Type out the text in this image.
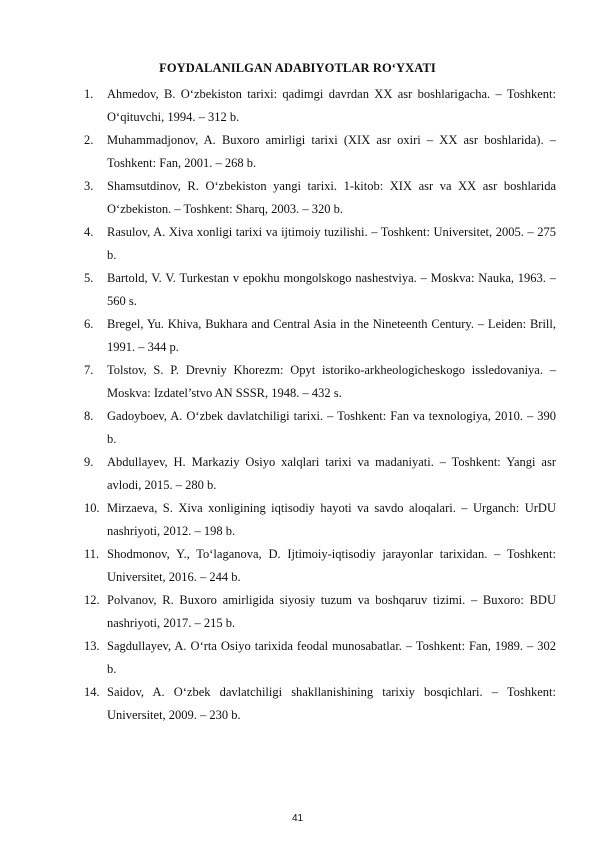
FOYDALANILGAN ADABIYOTLAR RO‘YXATI
1. Ahmedov, B. O‘zbekiston tarixi: qadimgi davrdan XX asr boshlarigacha. – Toshkent: O‘qituvchi, 1994. – 312 b.
2. Muhammadjonov, A. Buxoro amirligi tarixi (XIX asr oxiri – XX asr boshlarida). – Toshkent: Fan, 2001. – 268 b.
3. Shamsutdinov, R. O‘zbekiston yangi tarixi. 1-kitob: XIX asr va XX asr boshlarida O‘zbekiston. – Toshkent: Sharq, 2003. – 320 b.
4. Rasulov, A. Xiva xonligi tarixi va ijtimoiy tuzilishi. – Toshkent: Universitet, 2005. – 275 b.
5. Bartold, V. V. Turkestan v epokhu mongolskogo nashestviya. – Moskva: Nauka, 1963. – 560 s.
6. Bregel, Yu. Khiva, Bukhara and Central Asia in the Nineteenth Century. – Leiden: Brill, 1991. – 344 p.
7. Tolstov, S. P. Drevniy Khorezm: Opyt istoriko-arkheologicheskogo issledovaniya. – Moskva: Izdatel’stvo AN SSSR, 1948. – 432 s.
8. Gadoyboev, A. O‘zbek davlatchiligi tarixi. – Toshkent: Fan va texnologiya, 2010. – 390 b.
9. Abdullayev, H. Markaziy Osiyo xalqlari tarixi va madaniyati. – Toshkent: Yangi asr avlodi, 2015. – 280 b.
10. Mirzaeva, S. Xiva xonligining iqtisodiy hayoti va savdo aloqalari. – Urganch: UrDU nashriyoti, 2012. – 198 b.
11. Shodmonov, Y., To‘laganova, D. Ijtimoiy-iqtisodiy jarayonlar tarixidan. – Toshkent: Universitet, 2016. – 244 b.
12. Polvanov, R. Buxoro amirligida siyosiy tuzum va boshqaruv tizimi. – Buxoro: BDU nashriyoti, 2017. – 215 b.
13. Sagdullayev, A. O‘rta Osiyo tarixida feodal munosabatlar. – Toshkent: Fan, 1989. – 302 b.
14. Saidov, A. O‘zbek davlatchiligi shakllanishining tarixiy bosqichlari. – Toshkent: Universitet, 2009. – 230 b.
41
